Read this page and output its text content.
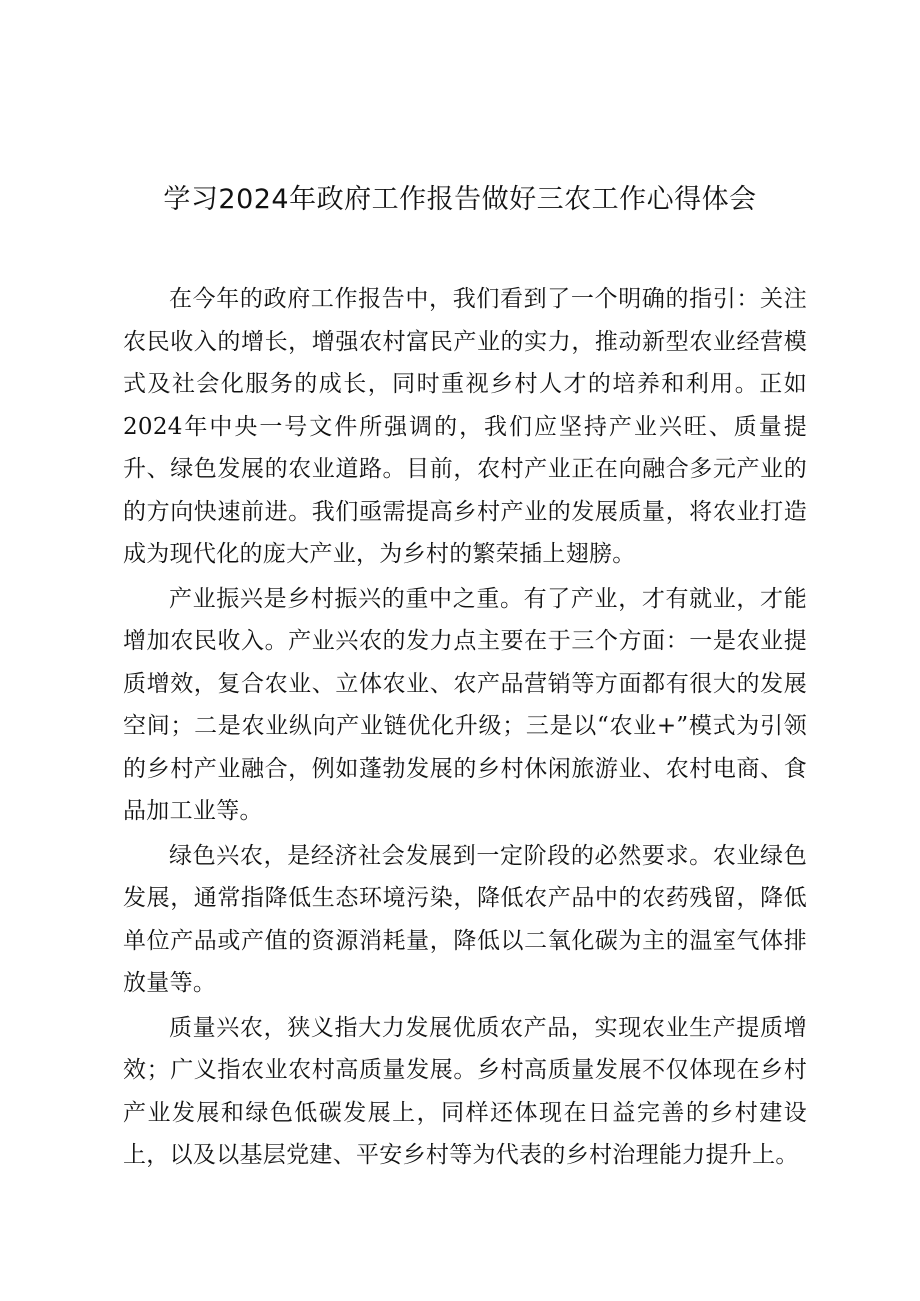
学习2024年政府工作报告做好三农工作心得体会

在今年的政府工作报告中，我们看到了一个明确的指引：关注农民收入的增长，增强农村富民产业的实力，推动新型农业经营模式及社会化服务的成长，同时重视乡村人才的培养和利用。正如2024年中央一号文件所强调的，我们应坚持产业兴旺、质量提升、绿色发展的农业道路。目前，农村产业正在向融合多元产业的的方向快速前进。我们亟需提高乡村产业的发展质量，将农业打造成为现代化的庞大产业，为乡村的繁荣插上翅膀。

产业振兴是乡村振兴的重中之重。有了产业，才有就业，才能增加农民收入。产业兴农的发力点主要在于三个方面：一是农业提质增效，复合农业、立体农业、农产品营销等方面都有很大的发展空间；二是农业纵向产业链优化升级；三是以“农业+”模式为引领的乡村产业融合，例如蓬勃发展的乡村休闲旅游业、农村电商、食品加工业等。

绿色兴农，是经济社会发展到一定阶段的必然要求。农业绿色发展，通常指降低生态环境污染，降低农产品中的农药残留，降低单位产品或产值的资源消耗量，降低以二氧化碳为主的温室气体排放量等。

质量兴农，狭义指大力发展优质农产品，实现农业生产提质增效；广义指农业农村高质量发展。乡村高质量发展不仅体现在乡村产业发展和绿色低碳发展上，同样还体现在日益完善的乡村建设上，以及以基层党建、平安乡村等为代表的乡村治理能力提升上。
